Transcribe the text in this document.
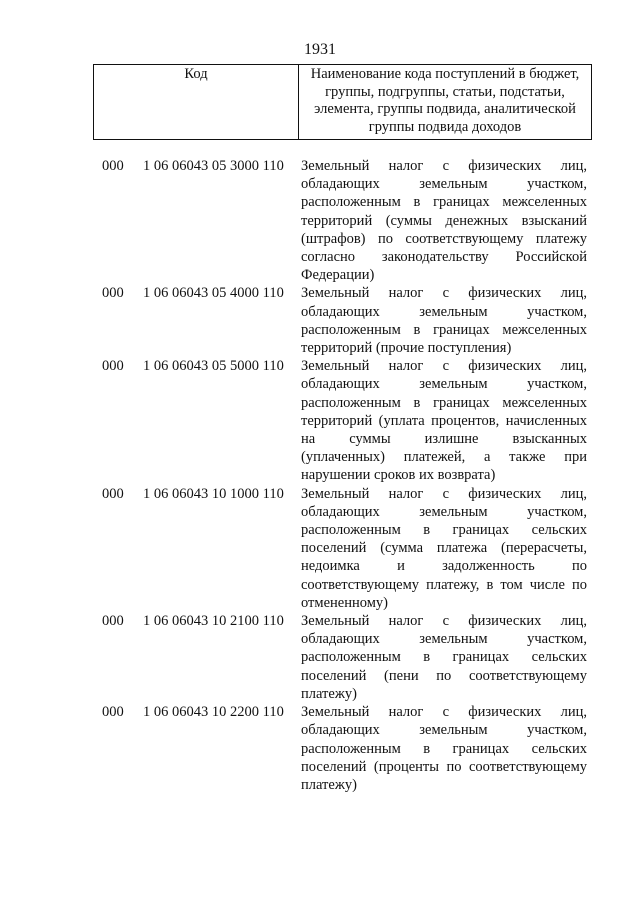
1931
Код	Наименование кода поступлений в бюджет,
группы, подгруппы, статьи, подстатьи,
элемента, группы подвида, аналитической
группы подвида доходов
000 1 06 06043 05 3000 110 Земельный налог с физических лиц,
обладающих	земельным	участком,
расположенным в границах межселенных
территорий (суммы денежных взысканий
(штрафов) по соответствующему платежу
согласно законодательству Российской
Федерации)
000 1 06 06043 05 4000 110 Земельный налог с физических лиц,
обладающих	земельным	участком,
расположенным в границах межселенных
территорий (прочие поступления)
000 1 06 06043 05 5000 110 Земельный налог с физических лиц,
обладающих	земельным	участком,
расположенным в границах межселенных
территорий (уплата процентов, начисленных
на суммы излишне взысканных
(уплаченных) платежей, а также при
нарушении сроков их возврата)
000 1 06 06043 10 1000 110 Земельный налог с физических лиц,
обладающих	земельным	участком,
расположенным в границах сельских
поселений (сумма платежа (перерасчеты,
недоимка	и	задолженность	по
соответствующему платежу, в том числе по
отмененному)
000 1 06 06043 10 2100 110 Земельный налог с физических лиц,
обладающих	земельным	участком,
расположенным в границах сельских
поселений (пени по соответствующему
платежу)
000 1 06 06043 10 2200 110 Земельный налог с физических лиц,
обладающих	земельным	участком,
расположенным в границах сельских
поселений (проценты по соответствующему
платежу)
